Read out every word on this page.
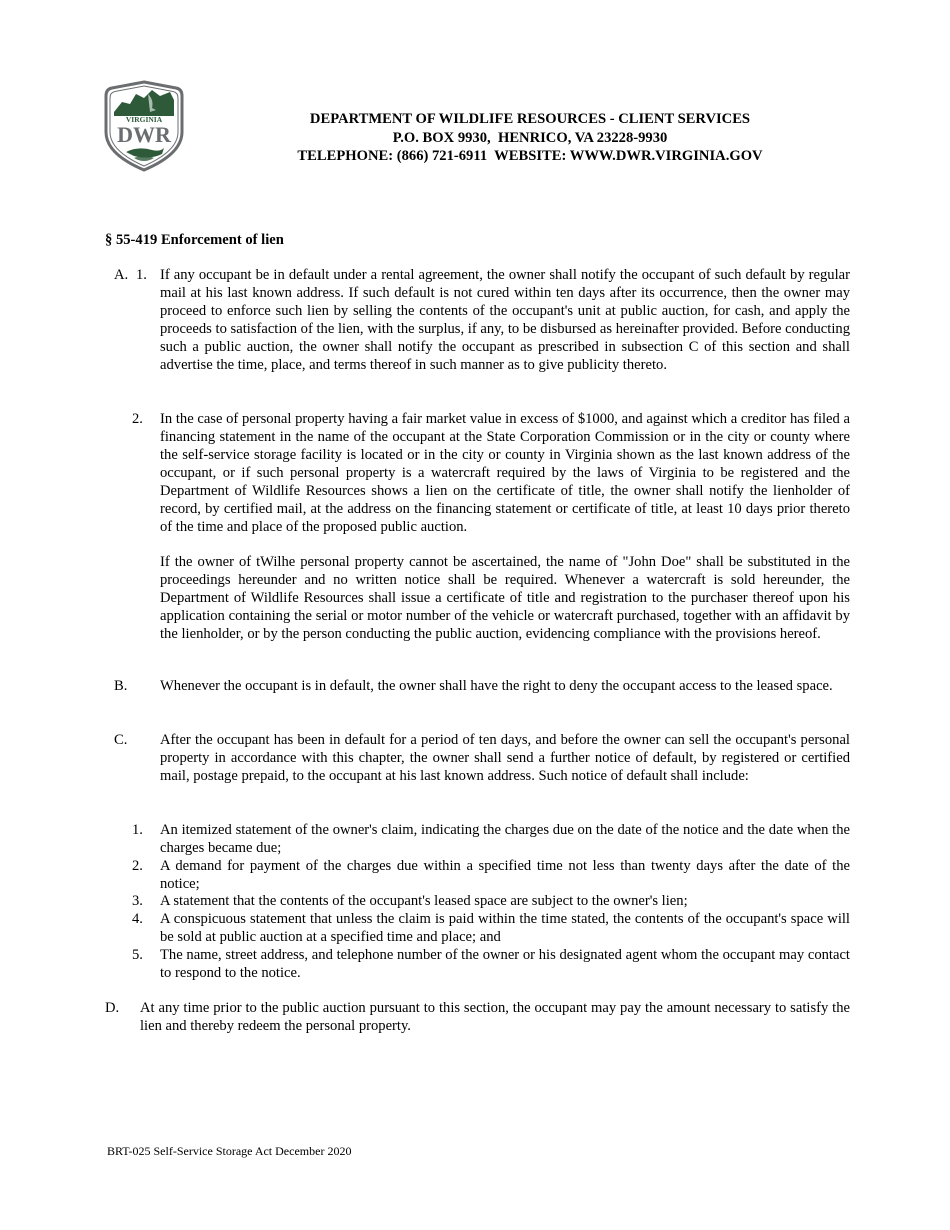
VIRGINIA
DWR
DEPARTMENT OF WILDLIFE RESOURCES - CLIENT SERVICES
P.O. BOX 9930,  HENRICO, VA 23228-9930
TELEPHONE: (866) 721-6911  WEBSITE: WWW.DWR.VIRGINIA.GOV
§ 55-419 Enforcement of lien
A. 1. If any occupant be in default under a rental agreement, the owner shall notify the occupant of such default by regular mail at his last known address. If such default is not cured within ten days after its occurrence, then the owner may proceed to enforce such lien by selling the contents of the occupant's unit at public auction, for cash, and apply the proceeds to satisfaction of the lien, with the surplus, if any, to be disbursed as hereinafter provided. Before conducting such a public auction, the owner shall notify the occupant as prescribed in subsection C of this section and shall advertise the time, place, and terms thereof in such manner as to give publicity thereto.
2. In the case of personal property having a fair market value in excess of $1000, and against which a creditor has filed a financing statement in the name of the occupant at the State Corporation Commission or in the city or county where the self-service storage facility is located or in the city or county in Virginia shown as the last known address of the occupant, or if such personal property is a watercraft required by the laws of Virginia to be registered and the Department of Wildlife Resources shows a lien on the certificate of title, the owner shall notify the lienholder of record, by certified mail, at the address on the financing statement or certificate of title, at least 10 days prior thereto of the time and place of the proposed public auction.
If the owner of tWilhe personal property cannot be ascertained, the name of "John Doe" shall be substituted in the proceedings hereunder and no written notice shall be required. Whenever a watercraft is sold hereunder, the Department of Wildlife Resources shall issue a certificate of title and registration to the purchaser thereof upon his application containing the serial or motor number of the vehicle or watercraft purchased, together with an affidavit by the lienholder, or by the person conducting the public auction, evidencing compliance with the provisions hereof.
B. Whenever the occupant is in default, the owner shall have the right to deny the occupant access to the leased space.
C. After the occupant has been in default for a period of ten days, and before the owner can sell the occupant's personal property in accordance with this chapter, the owner shall send a further notice of default, by registered or certified mail, postage prepaid, to the occupant at his last known address. Such notice of default shall include:
1. An itemized statement of the owner's claim, indicating the charges due on the date of the notice and the date when the charges became due;
2. A demand for payment of the charges due within a specified time not less than twenty days after the date of the notice;
3. A statement that the contents of the occupant's leased space are subject to the owner's lien;
4. A conspicuous statement that unless the claim is paid within the time stated, the contents of the occupant's space will be sold at public auction at a specified time and place; and
5. The name, street address, and telephone number of the owner or his designated agent whom the occupant may contact to respond to the notice.
D. At any time prior to the public auction pursuant to this section, the occupant may pay the amount necessary to satisfy the lien and thereby redeem the personal property.
BRT-025 Self-Service Storage Act December 2020
